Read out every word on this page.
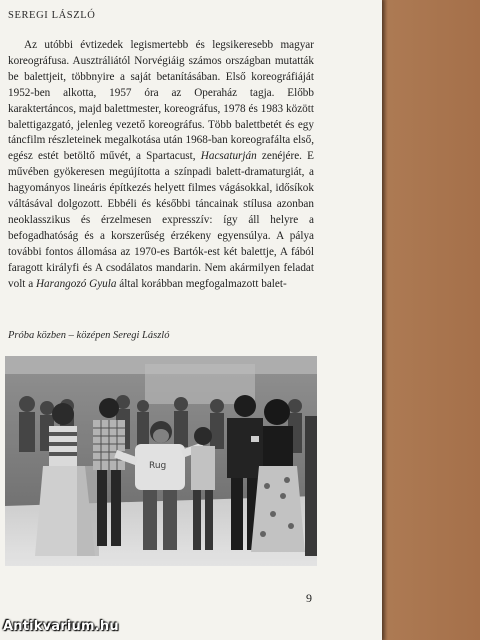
SEREGI LÁSZLÓ

Az utóbbi évtizedek legismertebb és legsikeresebb magyar koreográfusa. Ausztráliától Norvégiáig számos országban mutatták be balettjeit, többnyire a saját betanításában. Első koreográfiáját 1952-ben alkotta, 1957 óra az Operaház tagja. Előbb karaktertáncos, majd balettmester, koreográfus, 1978 és 1983 között balettigazgató, jelenleg vezető koreográfus. Több balettbetét és egy táncfilm részleteinek megalkotása után 1968-ban koreografálta első, egész estét betöltő művét, a Spartacust, Hacsaturján zenéjére. E művében gyökeresen megújította a színpadi balett-dramaturgiát, a hagyományos lineáris építkezés helyett filmes vágásokkal, idősíkok váltásával dolgozott. Ebbéli és későbbi táncainak stílusa azonban neoklasszikus és érzelmesen expresszív: így áll helyre a befogadhatóság és a korszerűség érzékeny egyensúlya. A pálya további fontos állomása az 1970-es Bartók-est két balettje, A fából faragott királyfi és A csodálatos mandarin. Nem akármilyen feladat volt a Harangozó Gyula által korábban megfogalmazott balet-

Próba közben – középen Seregi László
Rug
9
Antikvarium.hu
